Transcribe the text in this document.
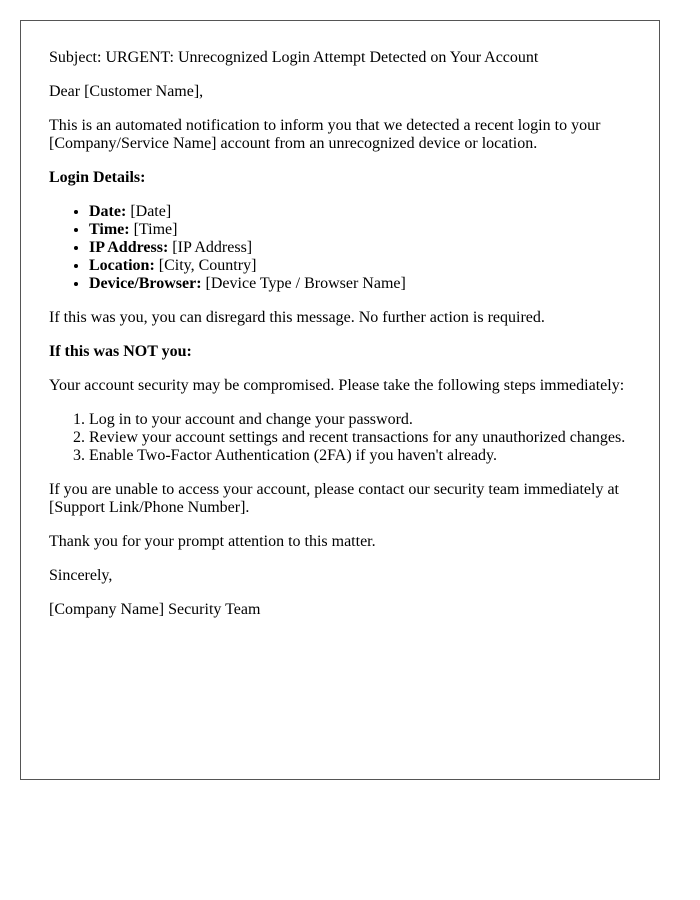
Subject: URGENT: Unrecognized Login Attempt Detected on Your Account

Dear [Customer Name],

This is an automated notification to inform you that we detected a recent login to your [Company/Service Name] account from an unrecognized device or location.

Login Details:

• Date: [Date]
• Time: [Time]
• IP Address: [IP Address]
• Location: [City, Country]
• Device/Browser: [Device Type / Browser Name]

If this was you, you can disregard this message. No further action is required.

If this was NOT you:

Your account security may be compromised. Please take the following steps immediately:

1. Log in to your account and change your password.
2. Review your account settings and recent transactions for any unauthorized changes.
3. Enable Two-Factor Authentication (2FA) if you haven't already.

If you are unable to access your account, please contact our security team immediately at [Support Link/Phone Number].

Thank you for your prompt attention to this matter.

Sincerely,

[Company Name] Security Team
